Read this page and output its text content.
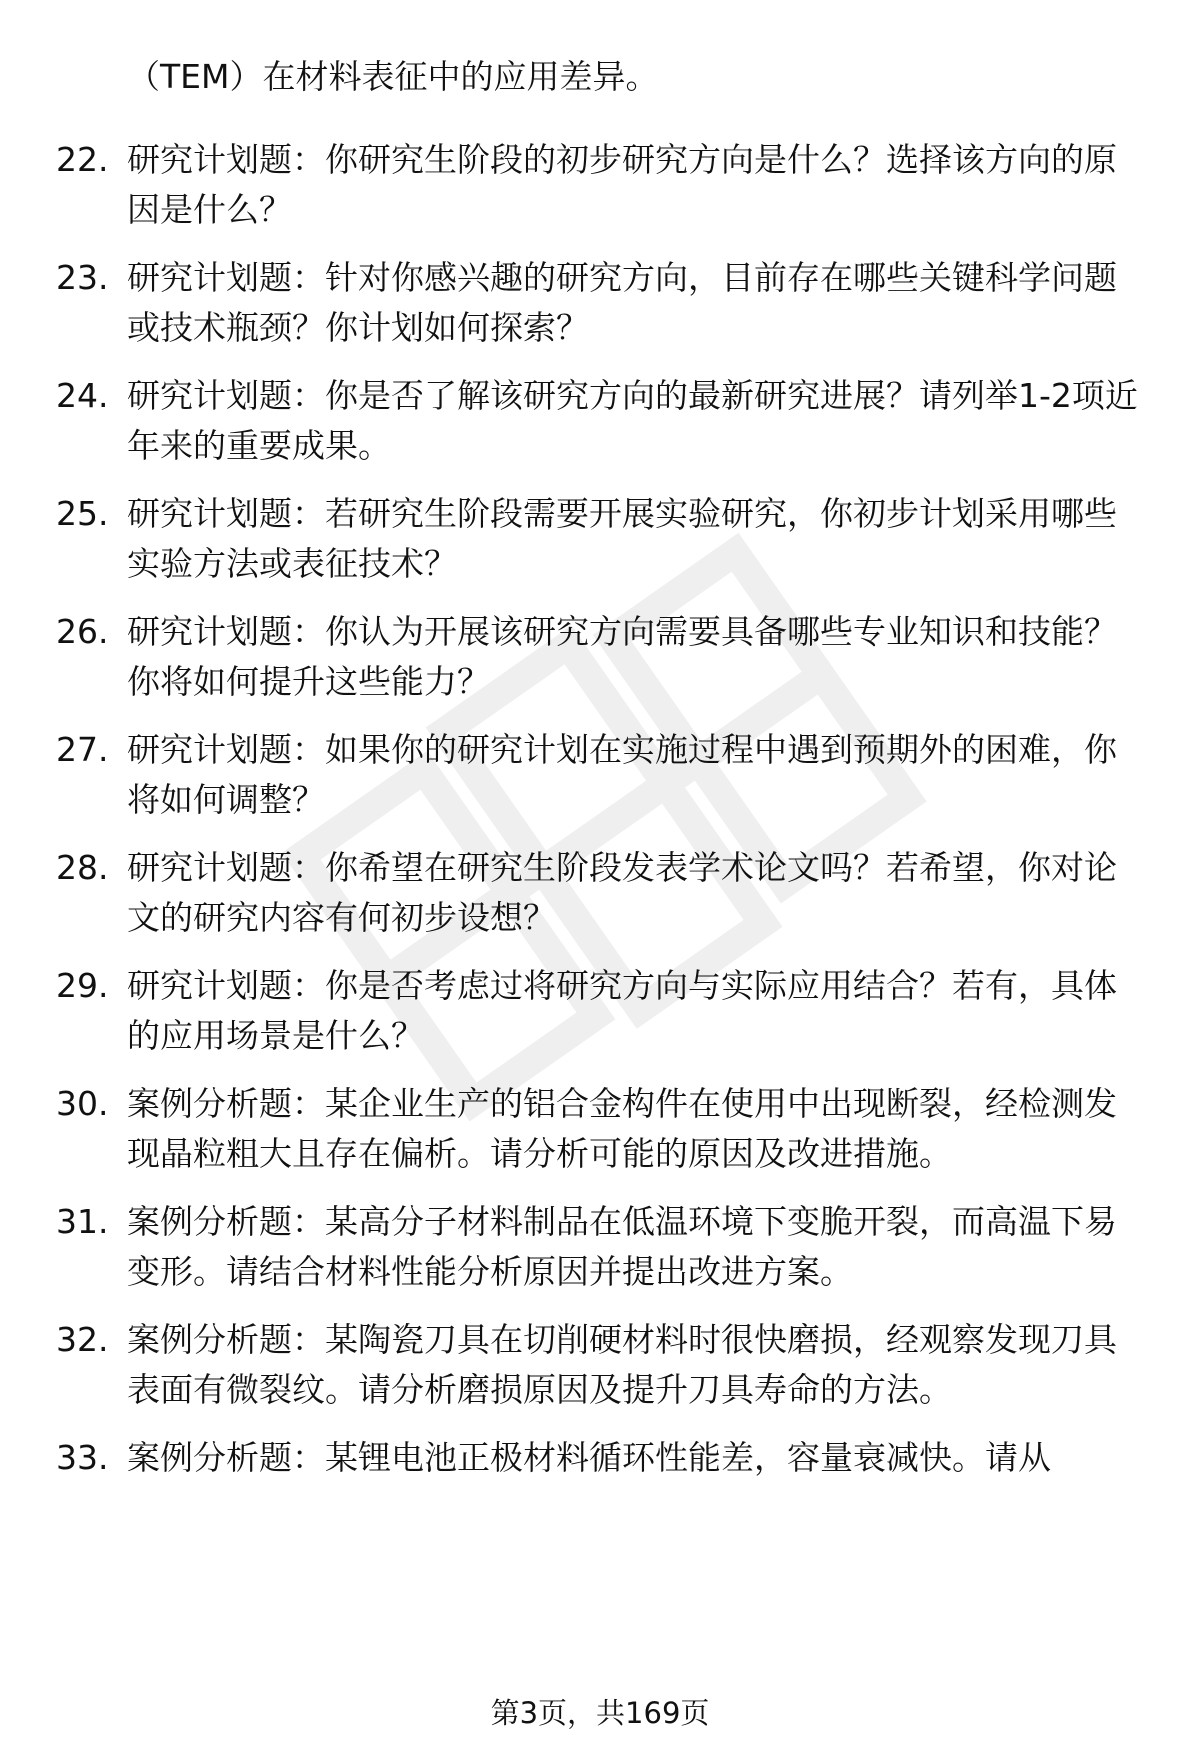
（TEM）在材料表征中的应用差异。
22. 研究计划题：你研究生阶段的初步研究方向是什么？选择该方向的原因是什么？
23. 研究计划题：针对你感兴趣的研究方向，目前存在哪些关键科学问题或技术瓶颈？你计划如何探索？
24. 研究计划题：你是否了解该研究方向的最新研究进展？请列举1-2项近年来的重要成果。
25. 研究计划题：若研究生阶段需要开展实验研究，你初步计划采用哪些实验方法或表征技术？
26. 研究计划题：你认为开展该研究方向需要具备哪些专业知识和技能？你将如何提升这些能力？
27. 研究计划题：如果你的研究计划在实施过程中遇到预期外的困难，你将如何调整？
28. 研究计划题：你希望在研究生阶段发表学术论文吗？若希望，你对论文的研究内容有何初步设想？
29. 研究计划题：你是否考虑过将研究方向与实际应用结合？若有，具体的应用场景是什么？
30. 案例分析题：某企业生产的铝合金构件在使用中出现断裂，经检测发现晶粒粗大且存在偏析。请分析可能的原因及改进措施。
31. 案例分析题：某高分子材料制品在低温环境下变脆开裂，而高温下易变形。请结合材料性能分析原因并提出改进方案。
32. 案例分析题：某陶瓷刀具在切削硬材料时很快磨损，经观察发现刀具表面有微裂纹。请分析磨损原因及提升刀具寿命的方法。
33. 案例分析题：某锂电池正极材料循环性能差，容量衰减快。请从
第3页，共169页
